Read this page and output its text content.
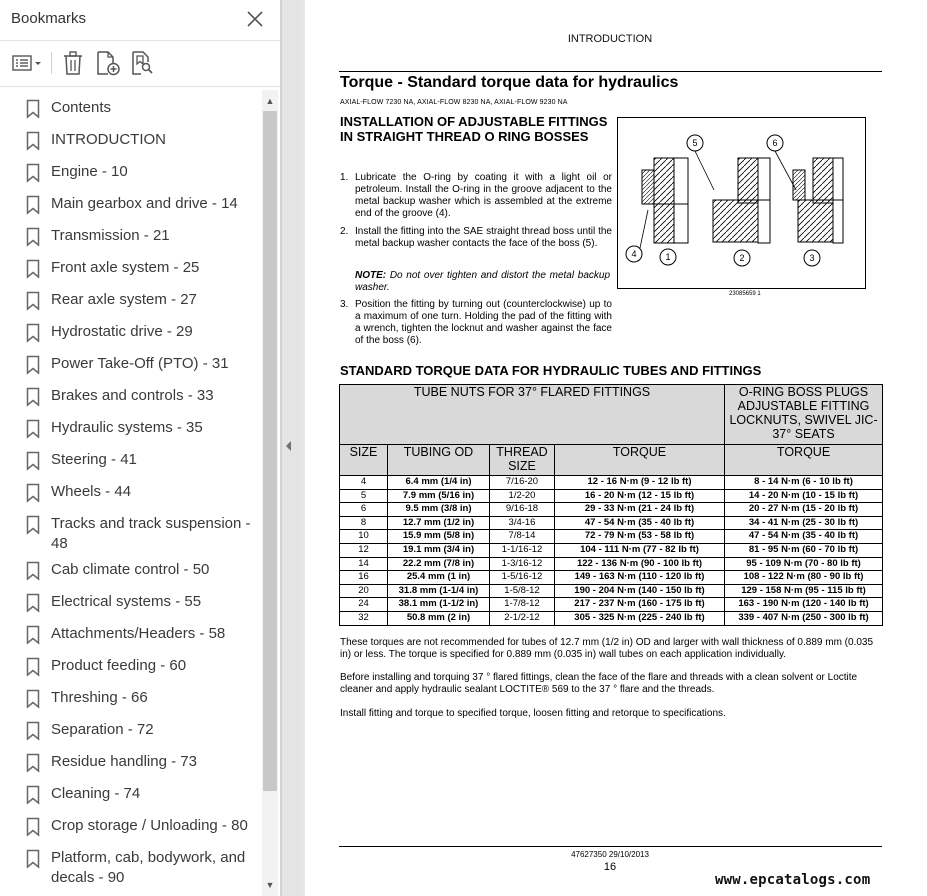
Bookmarks
Contents
INTRODUCTION
Engine - 10
Main gearbox and drive - 14
Transmission - 21
Front axle system - 25
Rear axle system - 27
Hydrostatic drive - 29
Power Take-Off (PTO) - 31
Brakes and controls - 33
Hydraulic systems - 35
Steering - 41
Wheels - 44
Tracks and track suspension - 48
Cab climate control - 50
Electrical systems - 55
Attachments/Headers - 58
Product feeding - 60
Threshing - 66
Separation - 72
Residue handling - 73
Cleaning - 74
Crop storage / Unloading - 80
Platform, cab, bodywork, and decals - 90
▲
▼
INTRODUCTION
Torque - Standard torque data for hydraulics
AXIAL-FLOW 7230 NA, AXIAL-FLOW 8230 NA, AXIAL-FLOW 9230 NA
INSTALLATION OF ADJUSTABLE FITTINGS IN STRAIGHT THREAD O RING BOSSES
1. Lubricate the O-ring by coating it with a light oil or petroleum. Install the O-ring in the groove adjacent to the metal backup washer which is assembled at the extreme end of the groove (4).
2. Install the fitting into the SAE straight thread boss until the metal backup washer contacts the face of the boss (5).
NOTE: Do not over tighten and distort the metal backup washer.
3. Position the fitting by turning out (counterclockwise) up to a maximum of one turn. Holding the pad of the fitting with a wrench, tighten the locknut and washer against the face of the boss (6).
5	6
4	1	2	3
23085659 1
STANDARD TORQUE DATA FOR HYDRAULIC TUBES AND FITTINGS
TUBE NUTS FOR 37° FLARED FITTINGS				O-RING BOSS PLUGS ADJUSTABLE FITTING LOCKNUTS, SWIVEL JIC- 37° SEATS
SIZE	TUBING OD	THREAD SIZE	TORQUE	TORQUE
4	6.4 mm (1/4 in)	7/16-20	12 - 16 N·m (9 - 12 lb ft)	8 - 14 N·m (6 - 10 lb ft)
5	7.9 mm (5/16 in)	1/2-20	16 - 20 N·m (12 - 15 lb ft)	14 - 20 N·m (10 - 15 lb ft)
6	9.5 mm (3/8 in)	9/16-18	29 - 33 N·m (21 - 24 lb ft)	20 - 27 N·m (15 - 20 lb ft)
8	12.7 mm (1/2 in)	3/4-16	47 - 54 N·m (35 - 40 lb ft)	34 - 41 N·m (25 - 30 lb ft)
10	15.9 mm (5/8 in)	7/8-14	72 - 79 N·m (53 - 58 lb ft)	47 - 54 N·m (35 - 40 lb ft)
12	19.1 mm (3/4 in)	1-1/16-12	104 - 111 N·m (77 - 82 lb ft)	81 - 95 N·m (60 - 70 lb ft)
14	22.2 mm (7/8 in)	1-3/16-12	122 - 136 N·m (90 - 100 lb ft)	95 - 109 N·m (70 - 80 lb ft)
16	25.4 mm (1 in)	1-5/16-12	149 - 163 N·m (110 - 120 lb ft)	108 - 122 N·m (80 - 90 lb ft)
20	31.8 mm (1-1/4 in)	1-5/8-12	190 - 204 N·m (140 - 150 lb ft)	129 - 158 N·m (95 - 115 lb ft)
24	38.1 mm (1-1/2 in)	1-7/8-12	217 - 237 N·m (160 - 175 lb ft)	163 - 190 N·m (120 - 140 lb ft)
32	50.8 mm (2 in)	2-1/2-12	305 - 325 N·m (225 - 240 lb ft)	339 - 407 N·m (250 - 300 lb ft)
These torques are not recommended for tubes of 12.7 mm (1/2 in) OD and larger with wall thickness of 0.889 mm (0.035 in) or less. The torque is specified for 0.889 mm (0.035 in) wall tubes on each application individually.
Before installing and torquing 37 ° flared fittings, clean the face of the flare and threads with a clean solvent or Loctite cleaner and apply hydraulic sealant LOCTITE® 569 to the 37 ° flare and the threads.
Install fitting and torque to specified torque, loosen fitting and retorque to specifications.
47627350 29/10/2013
16
www.epcatalogs.com
